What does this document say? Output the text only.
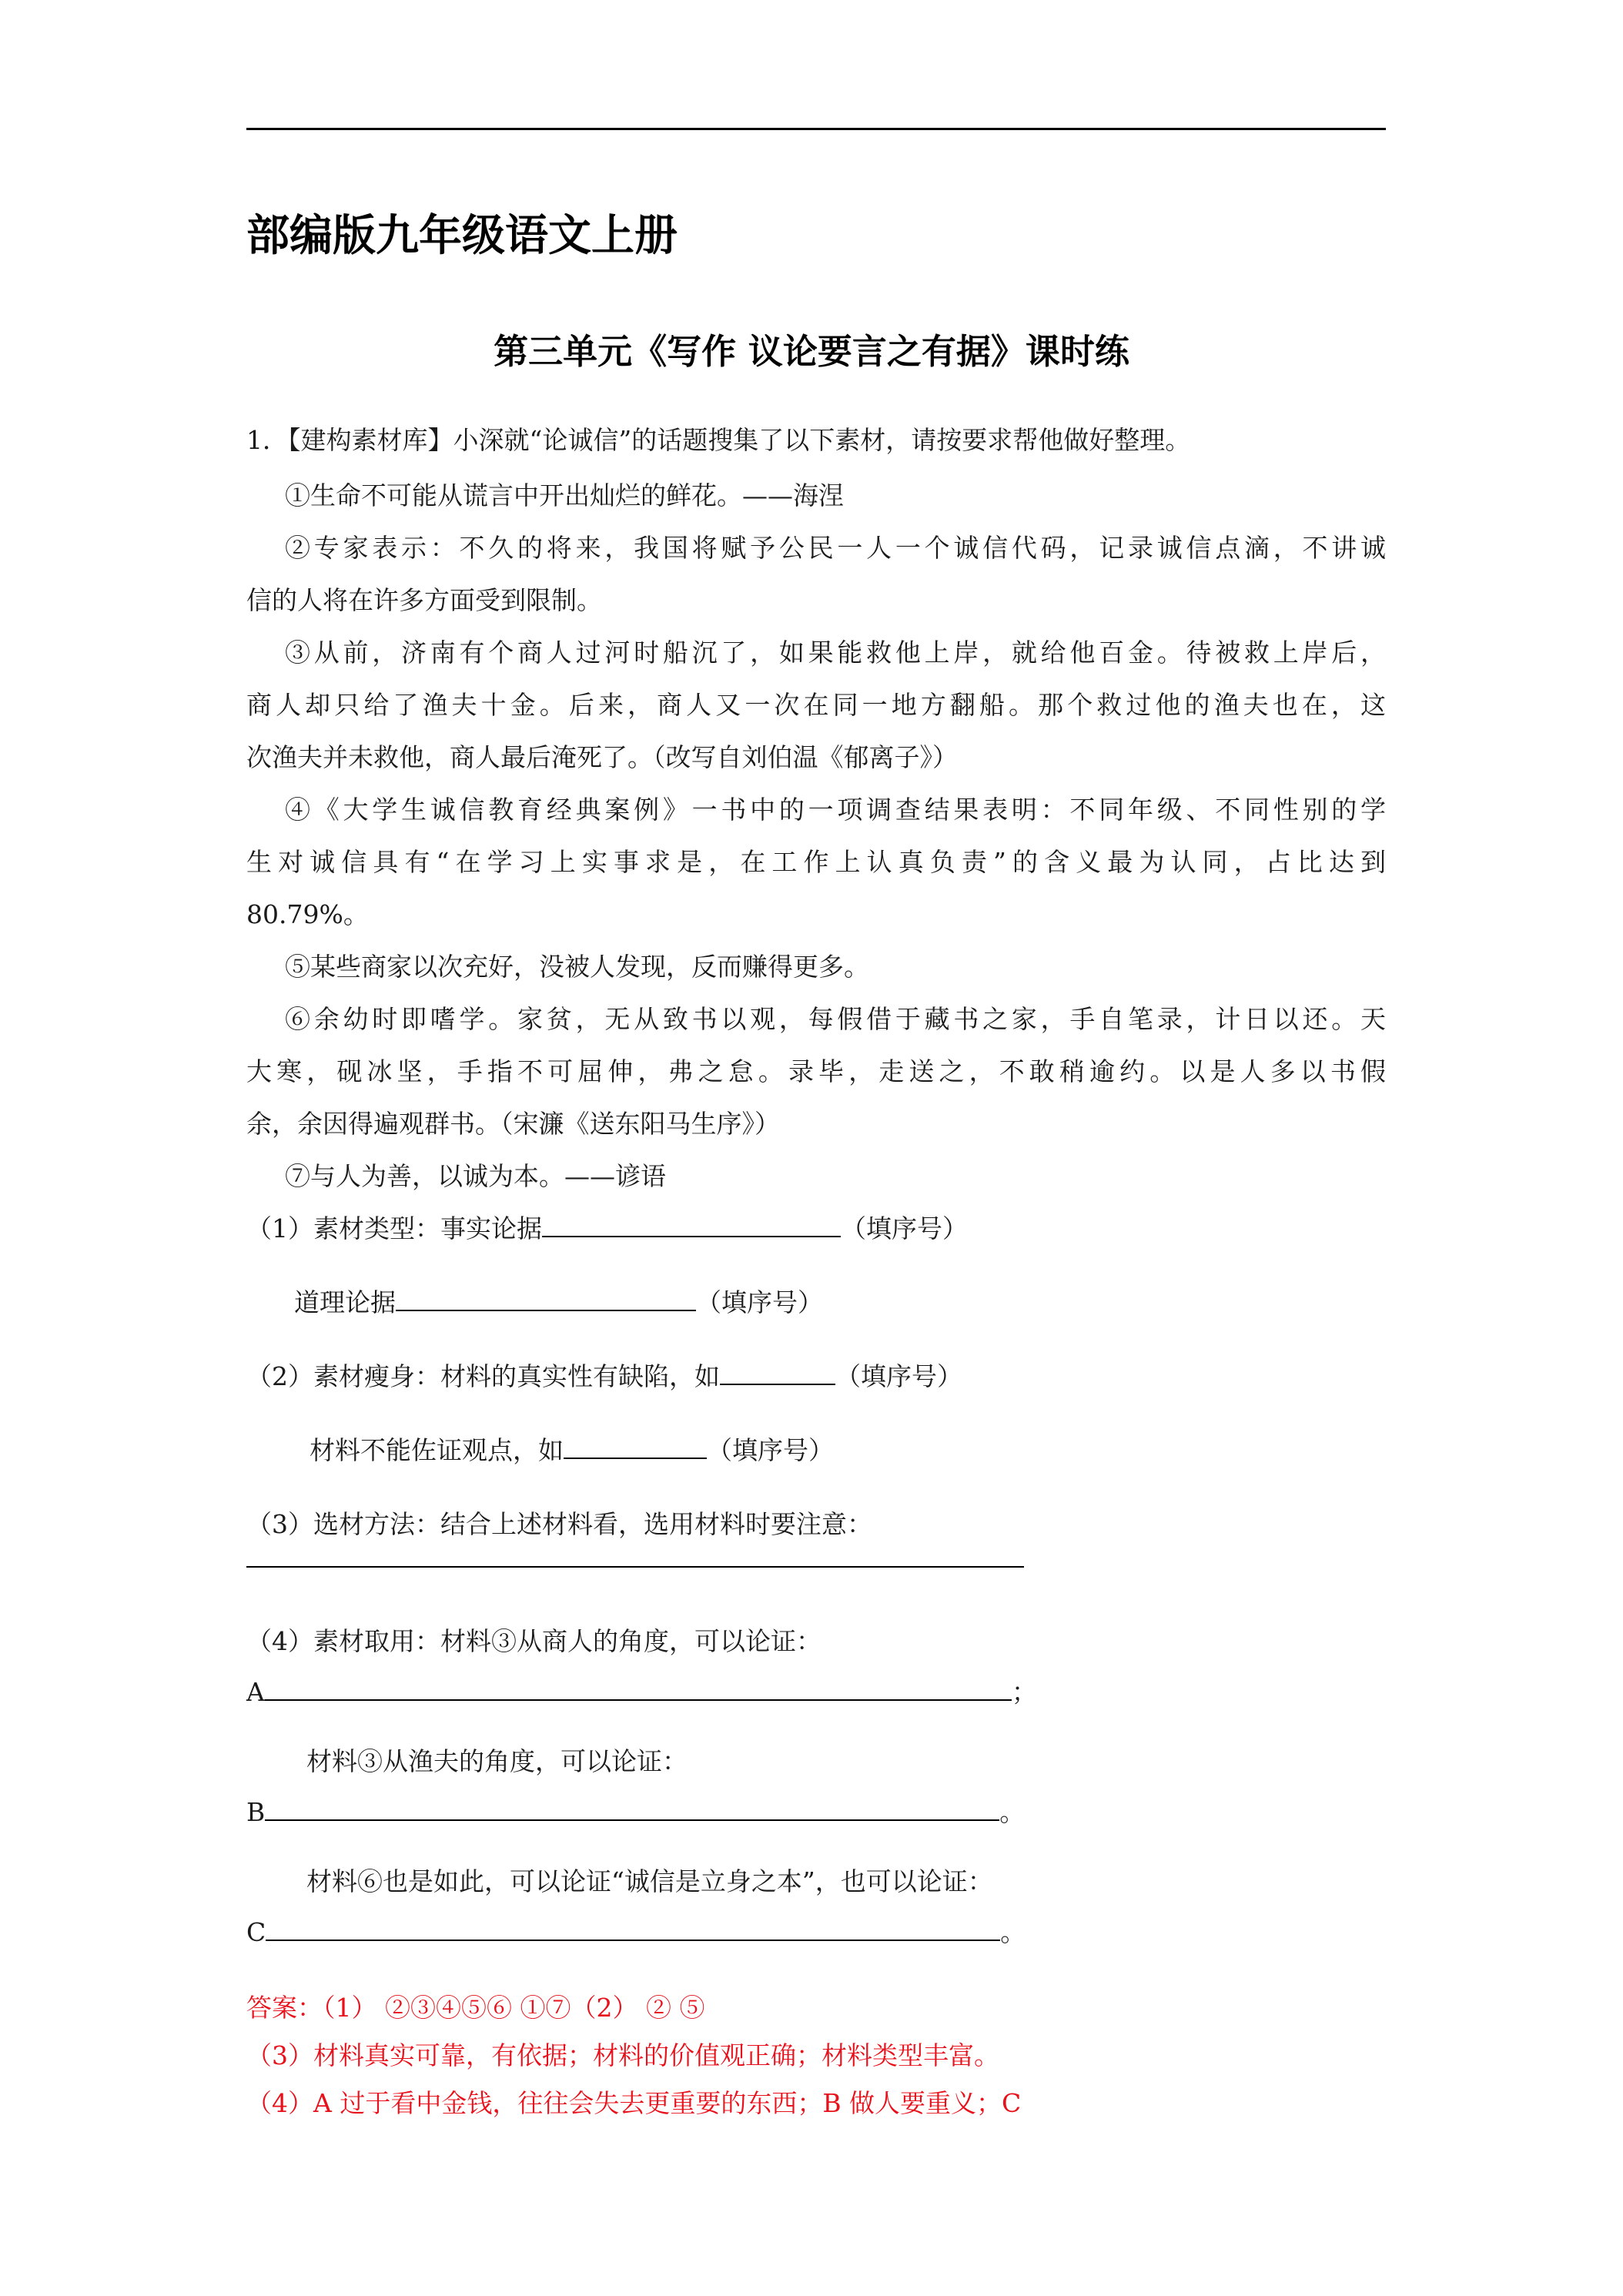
部编版九年级语文上册
第三单元《写作 议论要言之有据》课时练

1．【建构素材库】小深就“论诚信”的话题搜集了以下素材，请按要求帮他做好整理。

①生命不可能从谎言中开出灿烂的鲜花。——海涅

②专家表示：不久的将来，我国将赋予公民一人一个诚信代码，记录诚信点滴，不讲诚

信的人将在许多方面受到限制。

③从前，济南有个商人过河时船沉了，如果能救他上岸，就给他百金。待被救上岸后，

商人却只给了渔夫十金。后来，商人又一次在同一地方翻船。那个救过他的渔夫也在，这

次渔夫并未救他，商人最后淹死了。（改写自刘伯温《郁离子》）

④《大学生诚信教育经典案例》一书中的一项调查结果表明：不同年级、不同性别的学

生对诚信具有“在学习上实事求是，在工作上认真负责”的含义最为认同，占比达到

80.79%。

⑤某些商家以次充好，没被人发现，反而赚得更多。

⑥余幼时即嗜学。家贫，无从致书以观，每假借于藏书之家，手自笔录，计日以还。天

大寒，砚冰坚，手指不可屈伸，弗之怠。录毕，走送之，不敢稍逾约。以是人多以书假

余，余因得遍观群书。（宋濂《送东阳马生序》）

⑦与人为善，以诚为本。——谚语

（1）素材类型：事实论据	（填序号）

道理论据	（填序号）

（2）素材瘦身：材料的真实性有缺陷，如	（填序号）

材料不能佐证观点，如	（填序号）

（3）选材方法：结合上述材料看，选用材料时要注意：

（4）素材取用：材料③从商人的角度，可以论证：

A	；

材料③从渔夫的角度，可以论证：

B	。

材料⑥也是如此，可以论证“诚信是立身之本”，也可以论证：

C	。

答案：（1） ②③④⑤⑥ ①⑦（2） ② ⑤

（3）材料真实可靠，有依据；材料的价值观正确；材料类型丰富。

（4）A 过于看中金钱，往往会失去更重要的东西；B 做人要重义；C
